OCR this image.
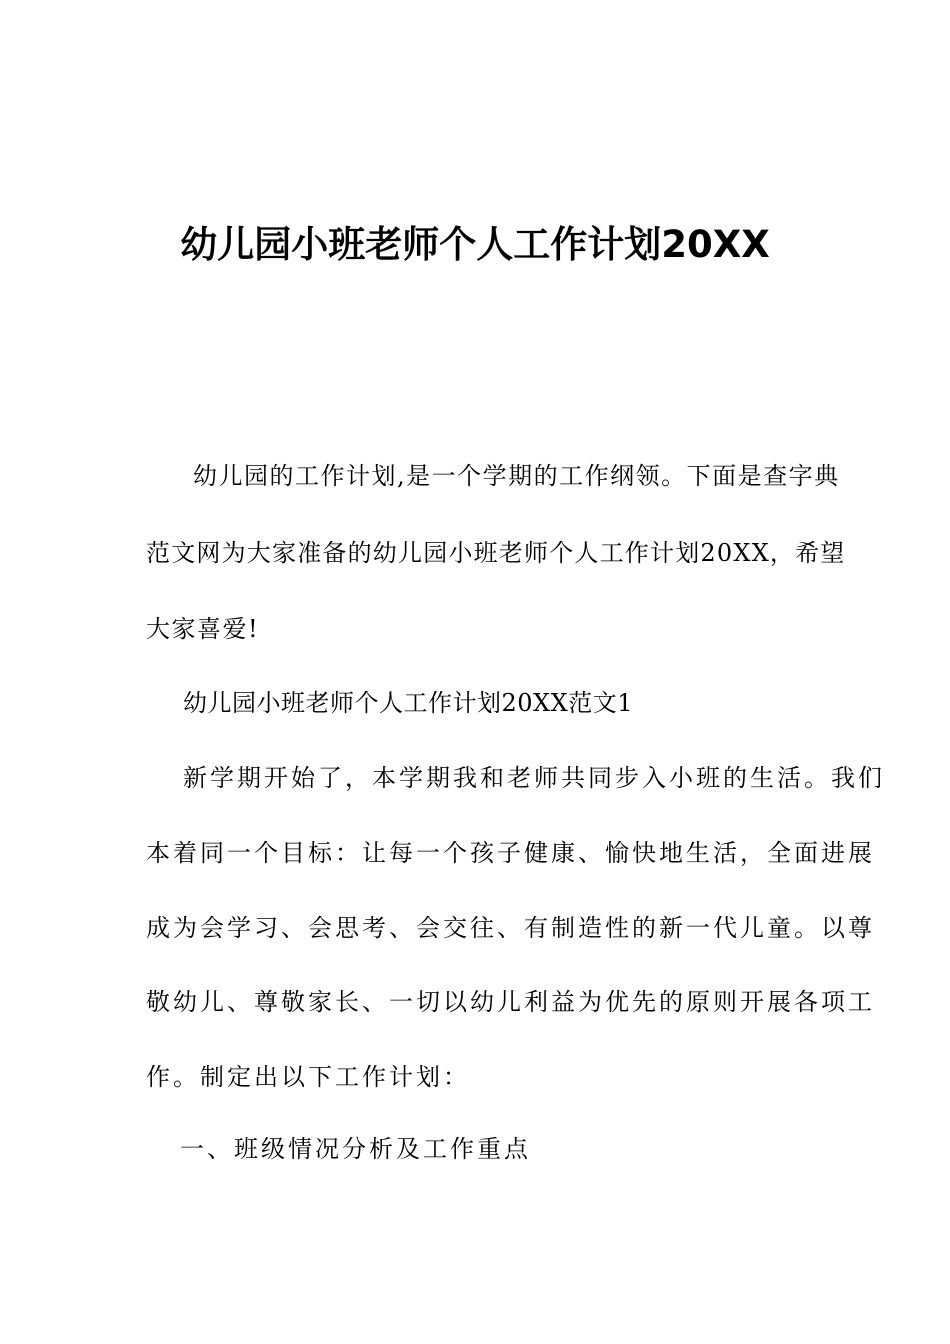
幼儿园小班老师个人工作计划20XX
幼儿园的工作计划,是一个学期的工作纲领。下面是查字典
范文网为大家准备的幼儿园小班老师个人工作计划20XX，希望
大家喜爱!
幼儿园小班老师个人工作计划20XX范文1
新学期开始了，本学期我和老师共同步入小班的生活。我们
本着同一个目标：让每一个孩子健康、愉快地生活，全面进展
成为会学习、会思考、会交往、有制造性的新一代儿童。以尊
敬幼儿、尊敬家长、一切以幼儿利益为优先的原则开展各项工
作。制定出以下工作计划：
一、班级情况分析及工作重点
